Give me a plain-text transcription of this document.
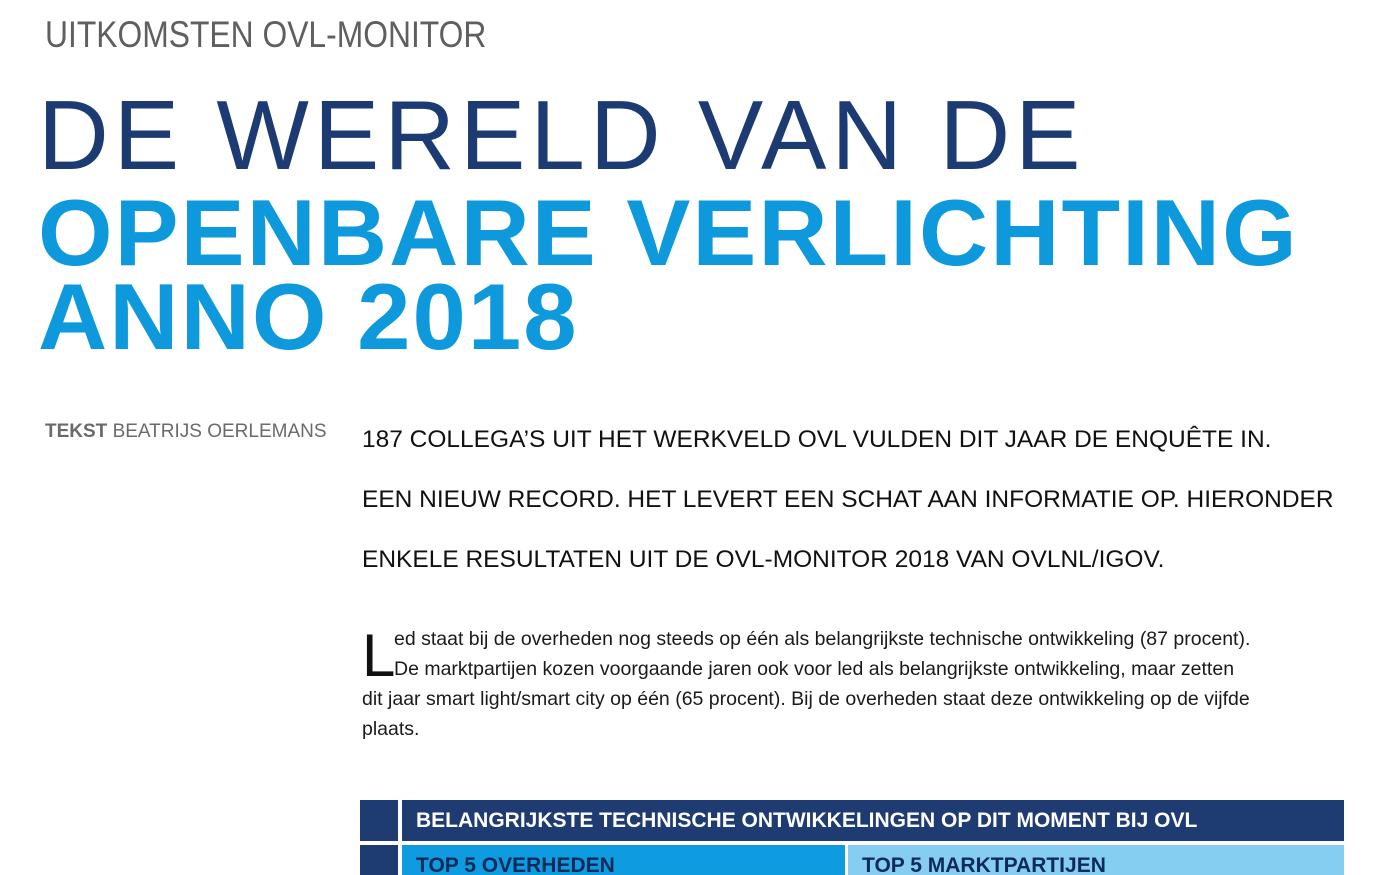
UITKOMSTEN OVL-MONITOR
DE WERELD VAN DE
OPENBARE VERLICHTING
ANNO 2018
TEKST BEATRIJS OERLEMANS 187 COLLEGA’S UIT HET WERKVELD OVL VULDEN DIT JAAR DE ENQUÊTE IN.
EEN NIEUW RECORD. HET LEVERT EEN SCHAT AAN INFORMATIE OP. HIERONDER
ENKELE RESULTATEN UIT DE OVL-MONITOR 2018 VAN OVLNL/IGOV.
L
ed staat bij de overheden nog steeds op één als belangrijkste technische ontwikkeling (87 procent).
De marktpartijen kozen voorgaande jaren ook voor led als belangrijkste ontwikkeling, maar zetten
dit jaar smart light/smart city op één (65 procent). Bij de overheden staat deze ontwikkeling op de vijfde
plaats.
BELANGRIJKSTE TECHNISCHE ONTWIKKELINGEN OP DIT MOMENT BIJ OVL
TOP 5 OVERHEDEN	TOP 5 MARKTPARTIJEN
